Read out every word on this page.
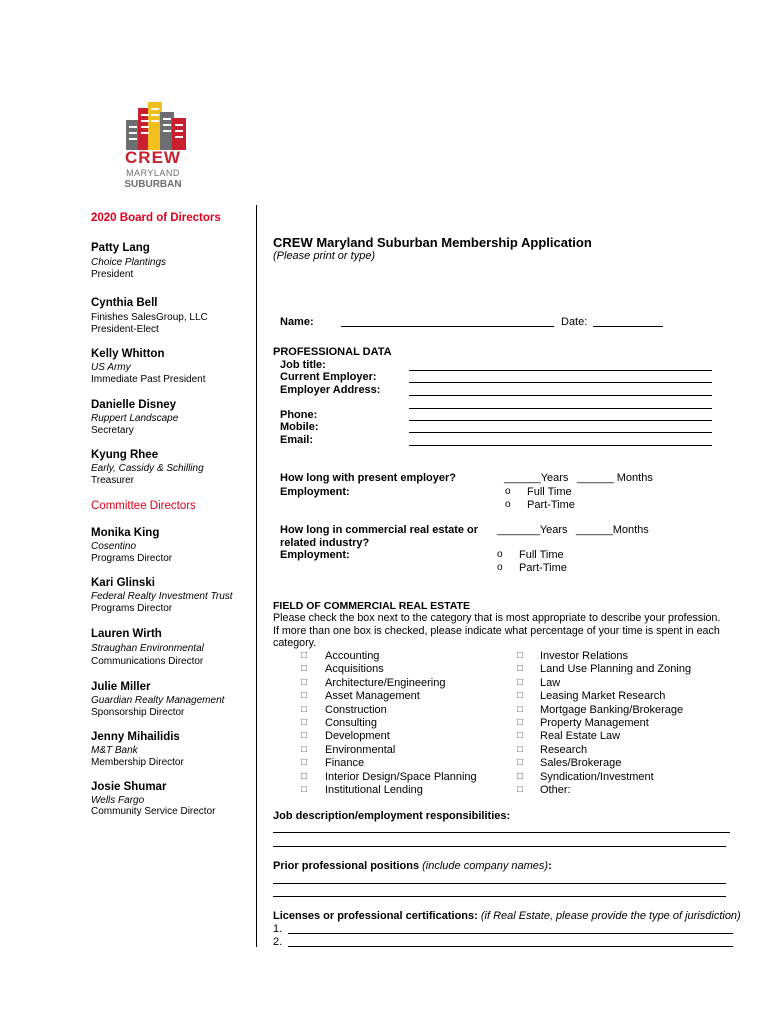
CREW
MARYLAND
SUBURBAN
2020 Board of Directors
Patty Lang
Choice Plantings
President
Cynthia Bell
Finishes SalesGroup, LLC
President-Elect
Kelly Whitton
US Army
Immediate Past President
Danielle Disney
Ruppert Landscape
Secretary
Kyung Rhee
Early, Cassidy & Schilling
Treasurer
Committee Directors
Monika King
Cosentino
Programs Director
Kari Glinski
Federal Realty Investment Trust
Programs Director
Lauren Wirth
Straughan Environmental
Communications Director
Julie Miller
Guardian Realty Management
Sponsorship Director
Jenny Mihailidis
M&T Bank
Membership Director
Josie Shumar
Wells Fargo
Community Service Director
CREW Maryland Suburban Membership Application
(Please print or type)
Name:	Date:
PROFESSIONAL DATA
Job title:
Current Employer:
Employer Address:
Phone:
Mobile:
Email:
How long with present employer?	______Years ______ Months
Employment:	o Full Time
o Part-Time
How long in commercial real estate or
related industry?
_______Years ______Months
Employment:	o Full Time
o Part-Time
FIELD OF COMMERCIAL REAL ESTATE
Please check the box next to the category that is most appropriate to describe your profession.
If more than one box is checked, please indicate what percentage of your time is spent in each
category.
□ Accounting
□ Acquisitions
□ Architecture/Engineering
□ Asset Management
□ Construction
□ Consulting
□ Development
□ Environmental
□ Finance
□ Interior Design/Space Planning
□ Institutional Lending
□ Investor Relations
□ Land Use Planning and Zoning
□ Law
□ Leasing Market Research
□ Mortgage Banking/Brokerage
□ Property Management
□ Real Estate Law
□ Research
□ Sales/Brokerage
□ Syndication/Investment
□ Other:
Job description/employment responsibilities:
Prior professional positions (include company names):
Licenses or professional certifications: (if Real Estate, please provide the type of jurisdiction)
1.
2.
